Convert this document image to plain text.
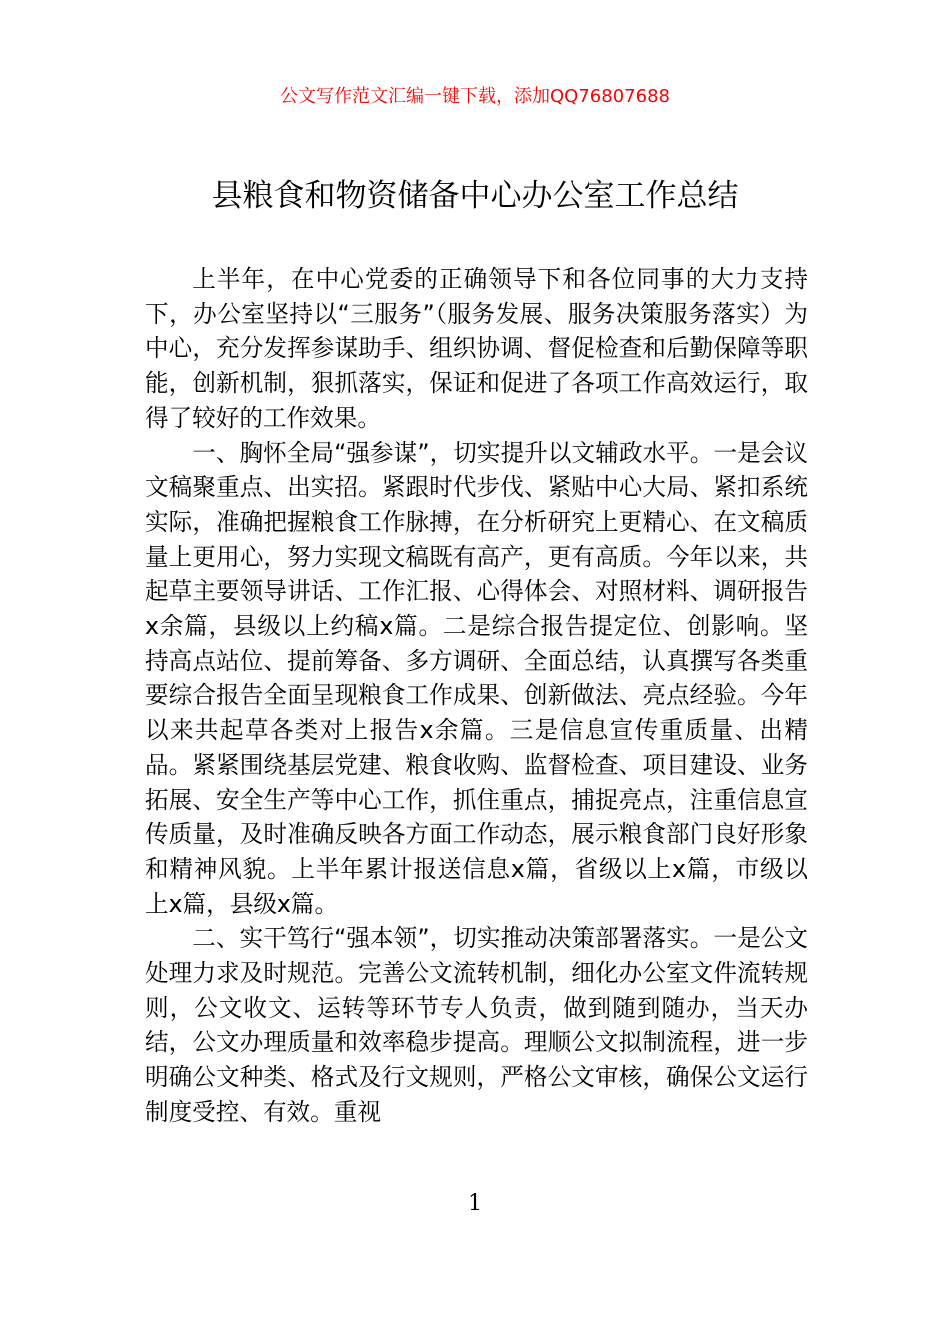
公文写作范文汇编一键下载，添加QQ76807688
县粮食和物资储备中心办公室工作总结

上半年，在中心党委的正确领导下和各位同事的大力支持下，办公室坚持以“三服务”（服务发展、服务决策服务落实）为中心，充分发挥参谋助手、组织协调、督促检查和后勤保障等职能，创新机制，狠抓落实，保证和促进了各项工作高效运行，取得了较好的工作效果。

一、胸怀全局“强参谋”，切实提升以文辅政水平。一是会议文稿聚重点、出实招。紧跟时代步伐、紧贴中心大局、紧扣系统实际，准确把握粮食工作脉搏，在分析研究上更精心、在文稿质量上更用心，努力实现文稿既有高产，更有高质。今年以来，共起草主要领导讲话、工作汇报、心得体会、对照材料、调研报告x余篇，县级以上约稿x篇。二是综合报告提定位、创影响。坚持高点站位、提前筹备、多方调研、全面总结，认真撰写各类重要综合报告全面呈现粮食工作成果、创新做法、亮点经验。今年以来共起草各类对上报告x余篇。三是信息宣传重质量、出精品。紧紧围绕基层党建、粮食收购、监督检查、项目建设、业务拓展、安全生产等中心工作，抓住重点，捕捉亮点，注重信息宣传质量，及时准确反映各方面工作动态，展示粮食部门良好形象和精神风貌。上半年累计报送信息x篇，省级以上x篇，市级以上x篇，县级x篇。

二、实干笃行“强本领”，切实推动决策部署落实。一是公文处理力求及时规范。完善公文流转机制，细化办公室文件流转规则，公文收文、运转等环节专人负责，做到随到随办，当天办结，公文办理质量和效率稳步提高。理顺公文拟制流程，进一步明确公文种类、格式及行文规则，严格公文审核，确保公文运行制度受控、有效。重视

1
